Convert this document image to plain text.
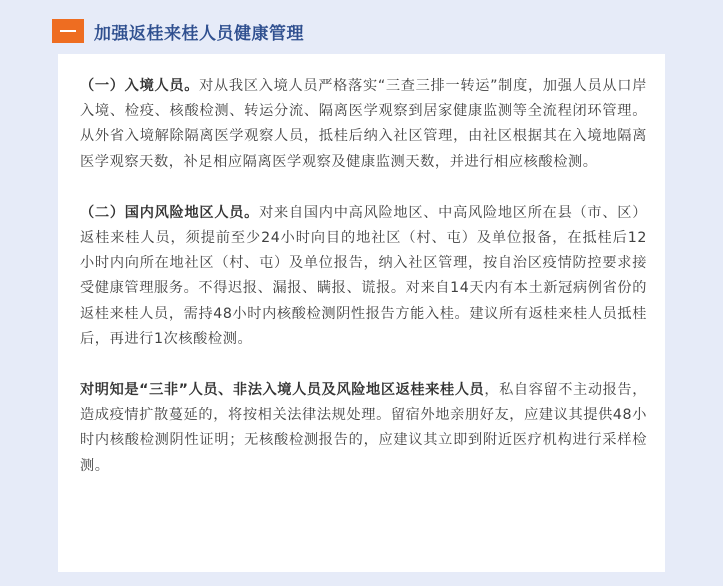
加强返桂来桂人员健康管理

（一）入境人员。对从我区入境人员严格落实“三查三排一转运”制度，加强人员从口岸入境、检疫、核酸检测、转运分流、隔离医学观察到居家健康监测等全流程闭环管理。从外省入境解除隔离医学观察人员，抵桂后纳入社区管理，由社区根据其在入境地隔离医学观察天数，补足相应隔离医学观察及健康监测天数，并进行相应核酸检测。

（二）国内风险地区人员。对来自国内中高风险地区、中高风险地区所在县（市、区）返桂来桂人员，须提前至少24小时向目的地社区（村、屯）及单位报备，在抵桂后12小时内向所在地社区（村、屯）及单位报告，纳入社区管理，按自治区疫情防控要求接受健康管理服务。不得迟报、漏报、瞒报、谎报。对来自14天内有本土新冠病例省份的返桂来桂人员，需持48小时内核酸检测阴性报告方能入桂。建议所有返桂来桂人员抵桂后，再进行1次核酸检测。

对明知是“三非”人员、非法入境人员及风险地区返桂来桂人员，私自容留不主动报告，造成疫情扩散蔓延的，将按相关法律法规处理。留宿外地亲朋好友，应建议其提供48小时内核酸检测阴性证明；无核酸检测报告的，应建议其立即到附近医疗机构进行采样检测。
